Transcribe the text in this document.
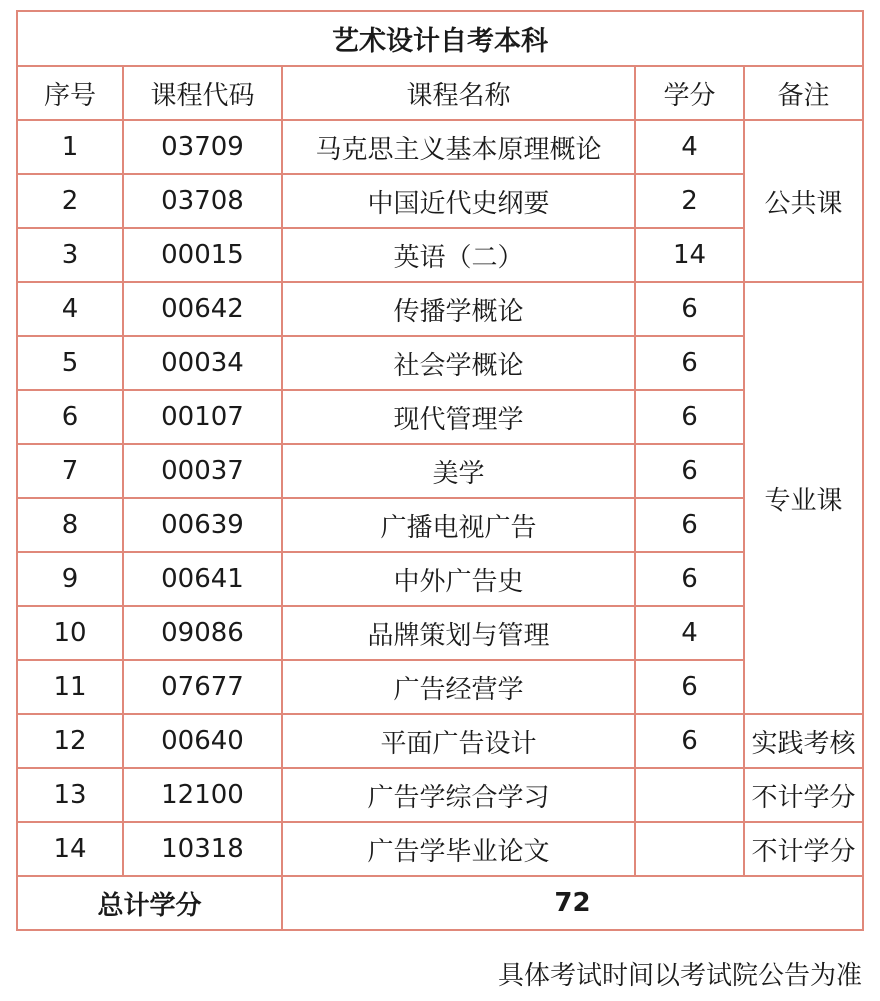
艺术设计自考本科				
序号	课程代码	课程名称	学分	备注
1	03709	马克思主义基本原理概论	4	公共课
2	03708	中国近代史纲要	2	
3	00015	英语（二）	14	
4	00642	传播学概论	6	专业课
5	00034	社会学概论	6	
6	00107	现代管理学	6	
7	00037	美学	6	
8	00639	广播电视广告	6	
9	00641	中外广告史	6	
10	09086	品牌策划与管理	4	
11	07677	广告经营学	6	
12	00640	平面广告设计	6	实践考核
13	12100	广告学综合学习		不计学分
14	10318	广告学毕业论文		不计学分
总计学分		72		
具体考试时间以考试院公告为准
